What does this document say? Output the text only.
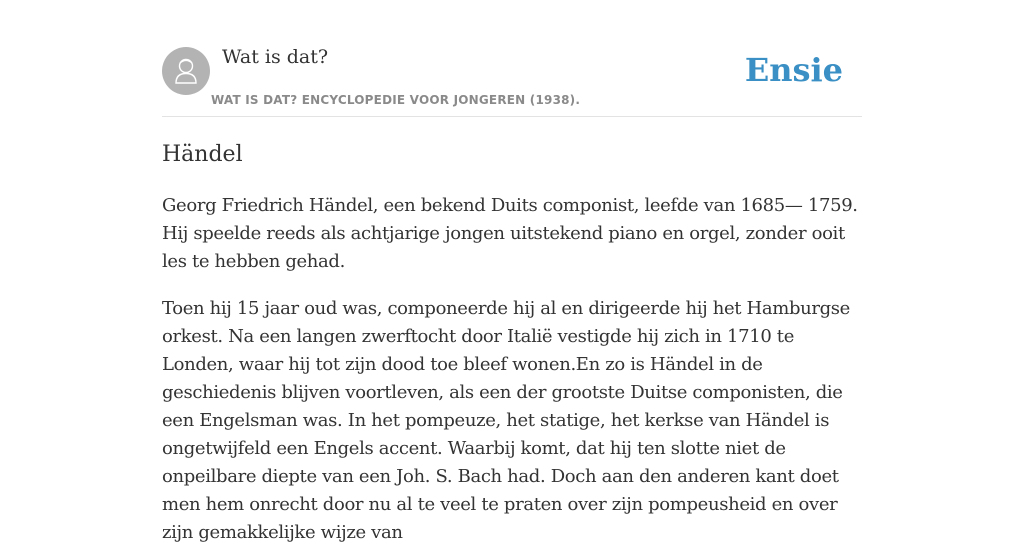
Wat is dat?
WAT IS DAT? ENCYCLOPEDIE VOOR JONGEREN (1938).
Ensie
Händel

Georg Friedrich Händel, een bekend Duits componist, leefde van 1685— 1759. Hij speelde reeds als achtjarige jongen uitstekend piano en orgel, zonder ooit les te hebben gehad.

Toen hij 15 jaar oud was, componeerde hij al en dirigeerde hij het Hamburgse orkest. Na een langen zwerftocht door Italië vestigde hij zich in 1710 te Londen, waar hij tot zijn dood toe bleef wonen.En zo is Händel in de geschiedenis blijven voortleven, als een der grootste Duitse componisten, die een Engelsman was. In het pompeuze, het statige, het kerkse van Händel is ongetwijfeld een Engels accent. Waarbij komt, dat hij ten slotte niet de onpeilbare diepte van een Joh. S. Bach had. Doch aan den anderen kant doet men hem onrecht door nu al te veel te praten over zijn pompeusheid en over zijn gemakkelijke wijze van
